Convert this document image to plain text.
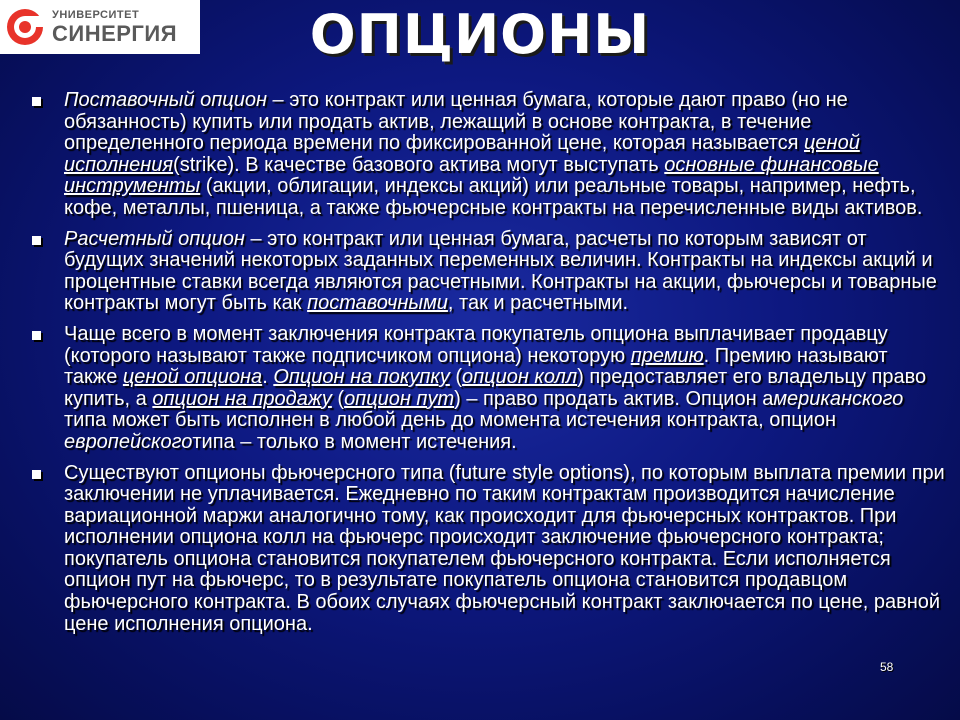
УНИВЕРСИТЕТ
СИНЕРГИЯ	ОПЦИОНЫ
Поставочный опцион – это контракт или ценная бумага, которые дают право (но не обязанность) купить или продать актив, лежащий в основе контракта, в течение определенного периода времени по фиксированной цене, которая называется ценой исполнения(strike). В качестве базового актива могут выступать основные финансовые инструменты (акции, облигации, индексы акций) или реальные товары, например, нефть, кофе, металлы, пшеница, а также фьючерсные контракты на перечисленные виды активов.
Расчетный опцион – это контракт или ценная бумага, расчеты по которым зависят от будущих значений некоторых заданных переменных величин. Контракты на индексы акций и процентные ставки всегда являются расчетными. Контракты на акции, фьючерсы и товарные контракты могут быть как поставочными, так и расчетными.
Чаще всего в момент заключения контракта покупатель опциона выплачивает продавцу (которого называют также подписчиком опциона) некоторую премию. Премию называют также ценой опциона. Опцион на покупку (опцион колл) предоставляет его владельцу право купить, а опцион на продажу (опцион пут) – право продать актив. Опцион американского типа может быть исполнен в любой день до момента истечения контракта, опцион европейскоготипа – только в момент истечения.
Существуют опционы фьючерсного типа (future style options), по которым выплата премии при заключении не уплачивается. Ежедневно по таким контрактам производится начисление вариационной маржи аналогично тому, как происходит для фьючерсных контрактов. При исполнении опциона колл на фьючерс происходит заключение фьючерсного контракта; покупатель опциона становится покупателем фьючерсного контракта. Если исполняется опцион пут на фьючерс, то в результате покупатель опциона становится продавцом фьючерсного контракта. В обоих случаях фьючерсный контракт заключается по цене, равной цене исполнения опциона.
58
